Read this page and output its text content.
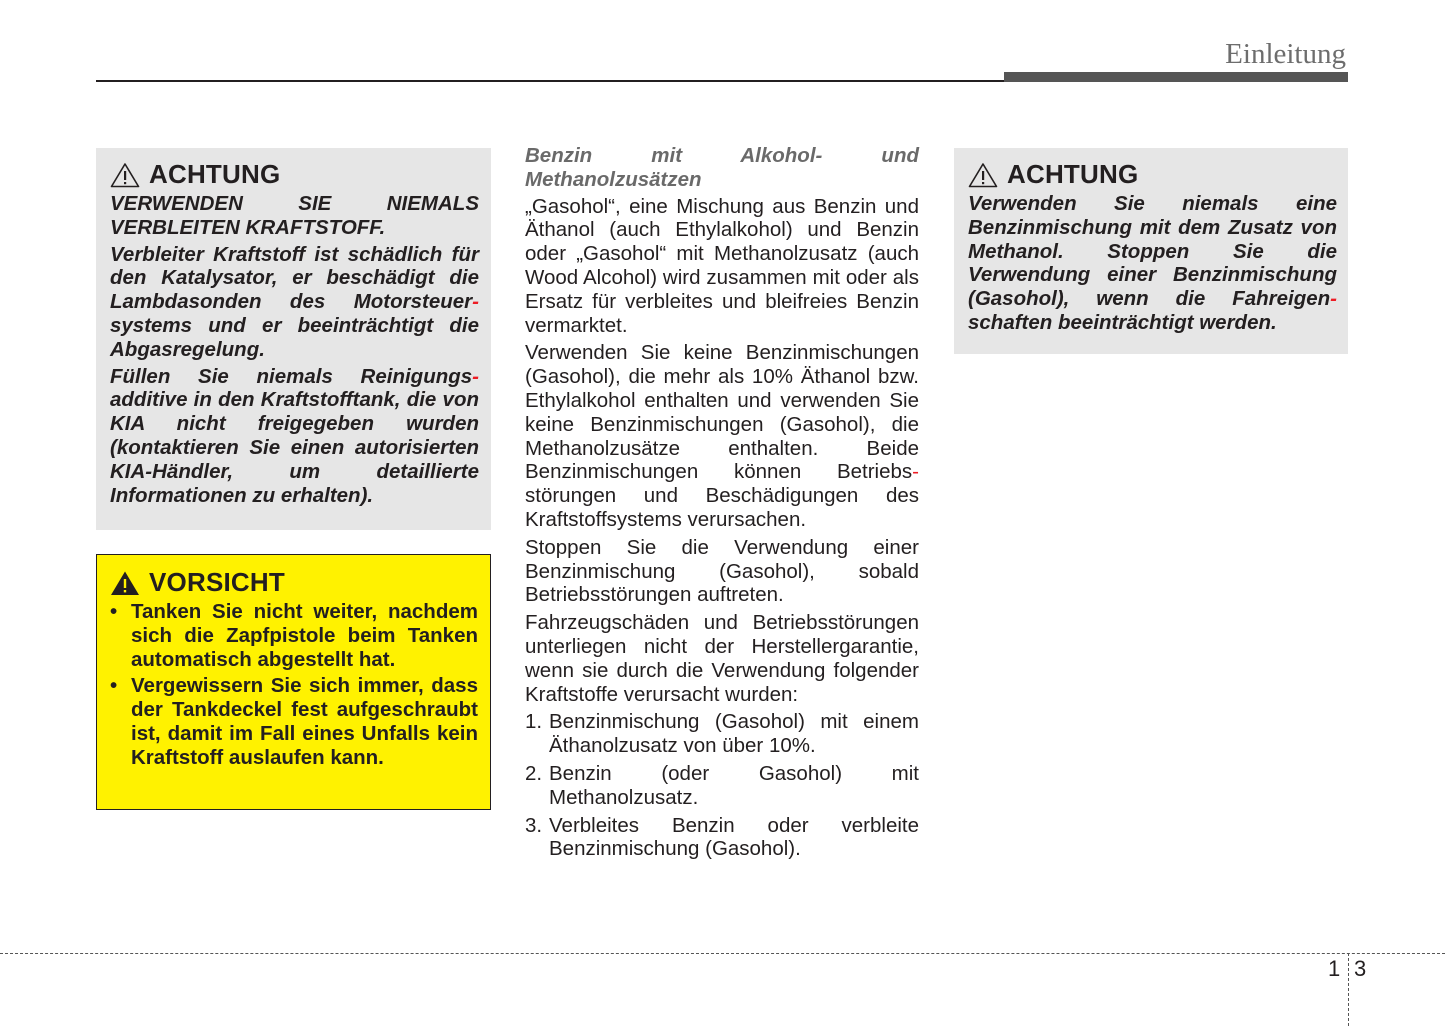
Einleitung
ACHTUNG

VERWENDEN SIE NIEMALS VERBLEITEN KRAFTSTOFF.

Verbleiter Kraftstoff ist schädlich für den Katalysator, er beschädigt die Lambdasonden des Motorsteuer- systems und er beeinträchtigt die Abgasregelung.

Füllen Sie niemals Reinigungs- additive in den Kraftstofftank, die von KIA nicht freigegeben wurden (kontaktieren Sie einen autorisierten KIA-Händler, um detaillierte Informationen zu erhalten).

VORSICHT
• Tanken Sie nicht weiter, nachdem sich die Zapfpistole beim Tanken automatisch abgestellt hat.
• Vergewissern Sie sich immer, dass der Tankdeckel fest aufgeschraubt ist, damit im Fall eines Unfalls kein Kraftstoff auslaufen kann.

Benzin mit Alkohol- und Methanolzusätzen

„Gasohol“, eine Mischung aus Benzin und Äthanol (auch Ethylalkohol) und Benzin oder „Gasohol“ mit Methanolzusatz (auch Wood Alcohol) wird zusammen mit oder als Ersatz für verbleites und bleifreies Benzin vermarktet.

Verwenden Sie keine Benzinmischungen (Gasohol), die mehr als 10% Äthanol bzw. Ethylalkohol enthalten und verwenden Sie keine Benzinmischungen (Gasohol), die Methanolzusätze enthalten. Beide Benzinmischungen können Betriebs-störungen und Beschädigungen des Kraftstoffsystems verursachen.

Stoppen Sie die Verwendung einer Benzinmischung (Gasohol), sobald Betriebsstörungen auftreten.

Fahrzeugschäden und Betriebsstörungen unterliegen nicht der Herstellergarantie, wenn sie durch die Verwendung folgender Kraftstoffe verursacht wurden:

1. Benzinmischung (Gasohol) mit einem Äthanolzusatz von über 10%.
2. Benzin (oder Gasohol) mit Methanolzusatz.
3. Verbleites Benzin oder verbleite Benzinmischung (Gasohol).
ACHTUNG

Verwenden Sie niemals eine Benzinmischung mit dem Zusatz von Methanol. Stoppen Sie die Verwendung einer Benzinmischung (Gasohol), wenn die Fahreigen- schaften beeinträchtigt werden.

1 3
